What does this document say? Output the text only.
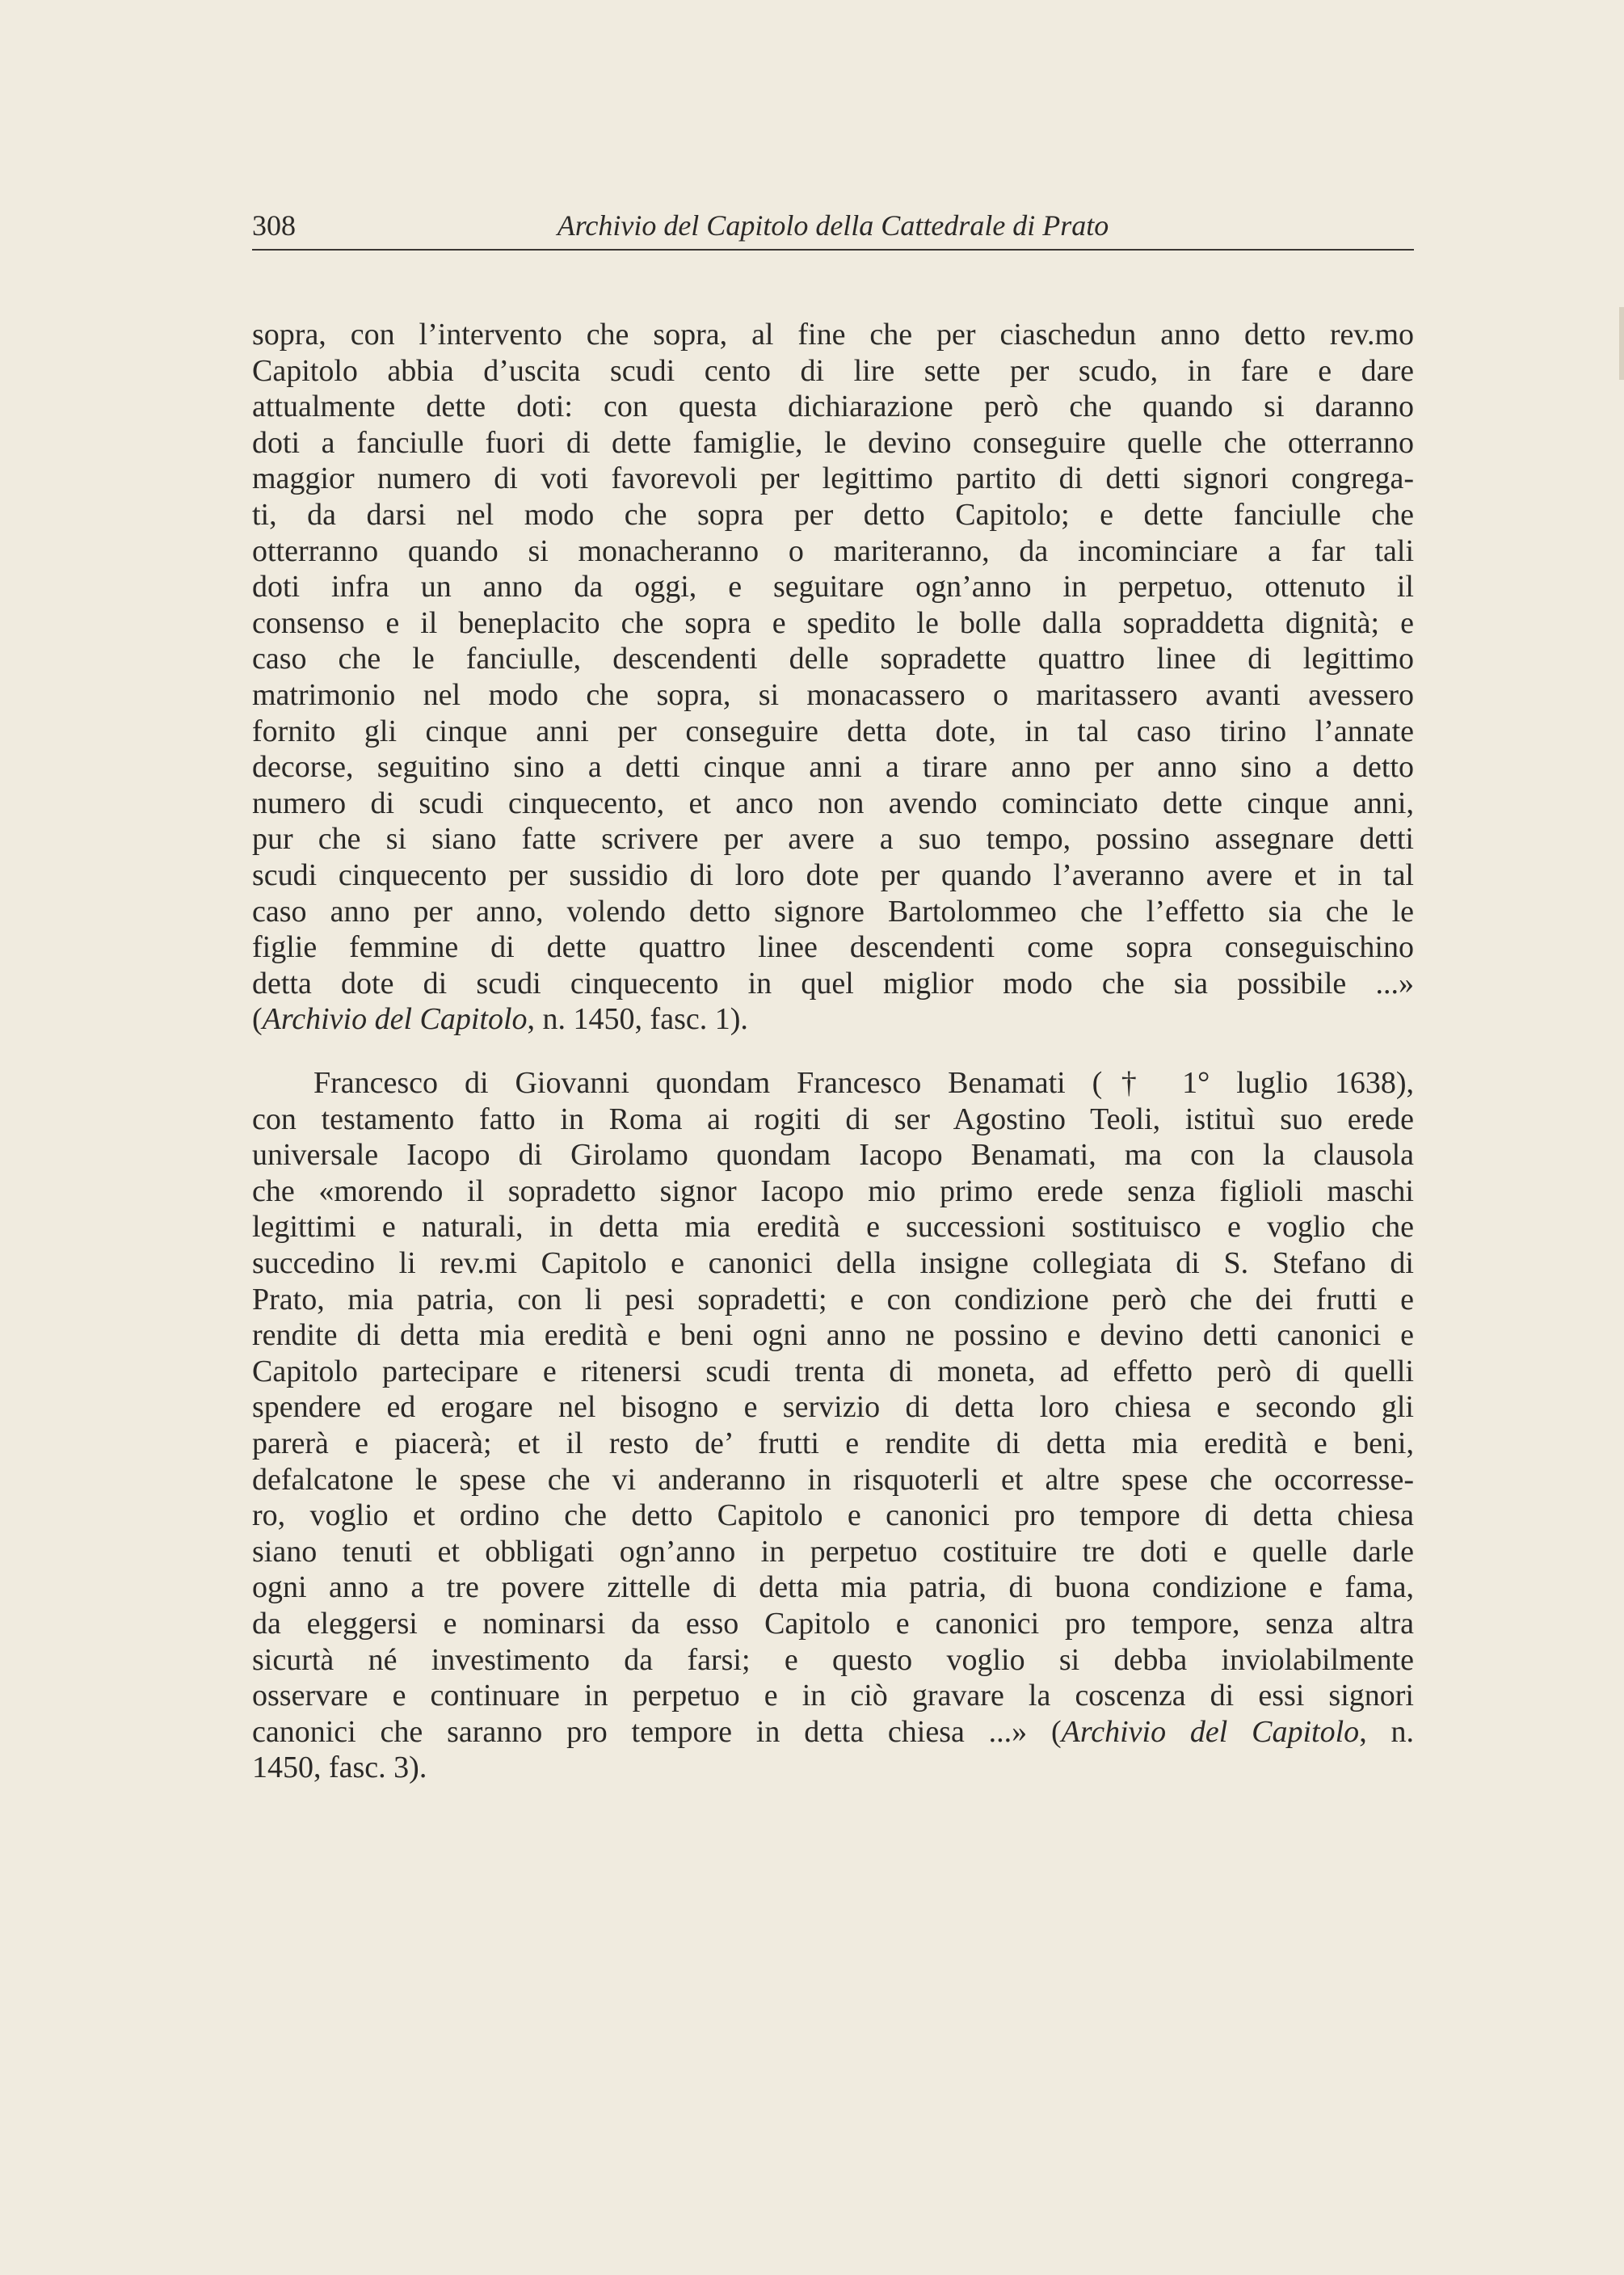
308	Archivio del Capitolo della Cattedrale di Prato
sopra, con l’intervento che sopra, al fine che per ciaschedun anno detto rev.mo
Capitolo abbia d’uscita scudi cento di lire sette per scudo, in fare e dare
attualmente dette doti: con questa dichiarazione però che quando si daranno
doti a fanciulle fuori di dette famiglie, le devino conseguire quelle che otterranno
maggior numero di voti favorevoli per legittimo partito di detti signori congrega-
ti, da darsi nel modo che sopra per detto Capitolo; e dette fanciulle che
otterranno quando si monacheranno o mariteranno, da incominciare a far tali
doti infra un anno da oggi, e seguitare ogn’anno in perpetuo, ottenuto il
consenso e il beneplacito che sopra e spedito le bolle dalla sopraddetta dignità; e
caso che le fanciulle, descendenti delle sopradette quattro linee di legittimo
matrimonio nel modo che sopra, si monacassero o maritassero avanti avessero
fornito gli cinque anni per conseguire detta dote, in tal caso tirino l’annate
decorse, seguitino sino a detti cinque anni a tirare anno per anno sino a detto
numero di scudi cinquecento, et anco non avendo cominciato dette cinque anni,
pur che si siano fatte scrivere per avere a suo tempo, possino assegnare detti
scudi cinquecento per sussidio di loro dote per quando l’averanno avere et in tal
caso anno per anno, volendo detto signore Bartolommeo che l’effetto sia che le
figlie femmine di dette quattro linee descendenti come sopra conseguischino
detta dote di scudi cinquecento in quel miglior modo che sia possibile ...»
(Archivio del Capitolo, n. 1450, fasc. 1).
Francesco di Giovanni quondam Francesco Benamati († 1° luglio 1638),
con testamento fatto in Roma ai rogiti di ser Agostino Teoli, istituì suo erede
universale Iacopo di Girolamo quondam Iacopo Benamati, ma con la clausola
che «morendo il sopradetto signor Iacopo mio primo erede senza figlioli maschi
legittimi e naturali, in detta mia eredità e successioni sostituisco e voglio che
succedino li rev.mi Capitolo e canonici della insigne collegiata di S. Stefano di
Prato, mia patria, con li pesi sopradetti; e con condizione però che dei frutti e
rendite di detta mia eredità e beni ogni anno ne possino e devino detti canonici e
Capitolo partecipare e ritenersi scudi trenta di moneta, ad effetto però di quelli
spendere ed erogare nel bisogno e servizio di detta loro chiesa e secondo gli
parerà e piacerà; et il resto de’ frutti e rendite di detta mia eredità e beni,
defalcatone le spese che vi anderanno in risquoterli et altre spese che occorresse-
ro, voglio et ordino che detto Capitolo e canonici pro tempore di detta chiesa
siano tenuti et obbligati ogn’anno in perpetuo costituire tre doti e quelle darle
ogni anno a tre povere zittelle di detta mia patria, di buona condizione e fama,
da eleggersi e nominarsi da esso Capitolo e canonici pro tempore, senza altra
sicurtà né investimento da farsi; e questo voglio si debba inviolabilmente
osservare e continuare in perpetuo e in ciò gravare la coscenza di essi signori
canonici che saranno pro tempore in detta chiesa ...» (Archivio del Capitolo, n.
1450, fasc. 3).
